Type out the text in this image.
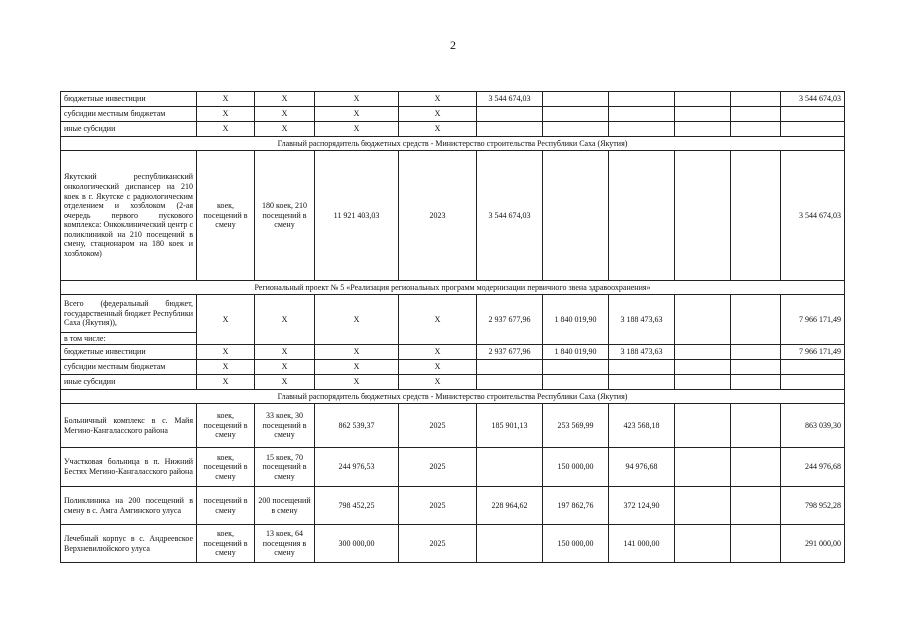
2
бюджетные инвестиции	Х	Х	Х	Х	3 544 674,03					3 544 674,03
субсидии местным бюджетам	Х	Х	Х	Х						
иные субсидии	Х	Х	Х	Х						
Главный распорядитель бюджетных средств - Министерство строительства Республики Саха (Якутия)										
Якутский республиканский онкологический диспансер на 210 коек в г. Якутске с радиологическим отделением и хозблоком (2-ая очередь первого пускового комплекса: Онкоклинический центр с поликлиникой на 210 посещений в смену, стационаром на 180 коек и хозблоком)	коек, посещений в смену	180 коек, 210 посещений в смену	11 921 403,03	2023	3 544 674,03					3 544 674,03
Региональный проект № 5 «Реализация региональных программ модернизации первичного звена здравоохранения»										
Всего (федеральный бюджет, государственный бюджет Республики Саха (Якутия)),	Х	Х	Х	Х	2 937 677,96	1 840 019,90	3 188 473,63			7 966 171,49
в том числе:										
бюджетные инвестиции	Х	Х	Х	Х	2 937 677,96	1 840 019,90	3 188 473,63			7 966 171,49
субсидии местным бюджетам	Х	Х	Х	Х						
иные субсидии	Х	Х	Х	Х						
Главный распорядитель бюджетных средств - Министерство строительства Республики Саха (Якутия)										
Больничный комплекс в с. Майя Мегино-Кангаласского района	коек, посещений в смену	33 коек, 30 посещений в смену	862 539,37	2025	185 901,13	253 569,99	423 568,18			863 039,30
Участковая больница в п. Нижний Бестях Мегино-Кангаласского района	коек, посещений в смену	15 коек, 70 посещений в смену	244 976,53	2025		150 000,00	94 976,68			244 976,68
Поликлиника на 200 посещений в смену в с. Амга Амгинского улуса	посещений в смену	200 посещений в смену	798 452,25	2025	228 964,62	197 862,76	372 124,90			798 952,28
Лечебный корпус в с. Андреевское Верхневилюйского улуса	коек, посещений в смену	13 коек, 64 посещения в смену	300 000,00	2025		150 000,00	141 000,00			291 000,00
